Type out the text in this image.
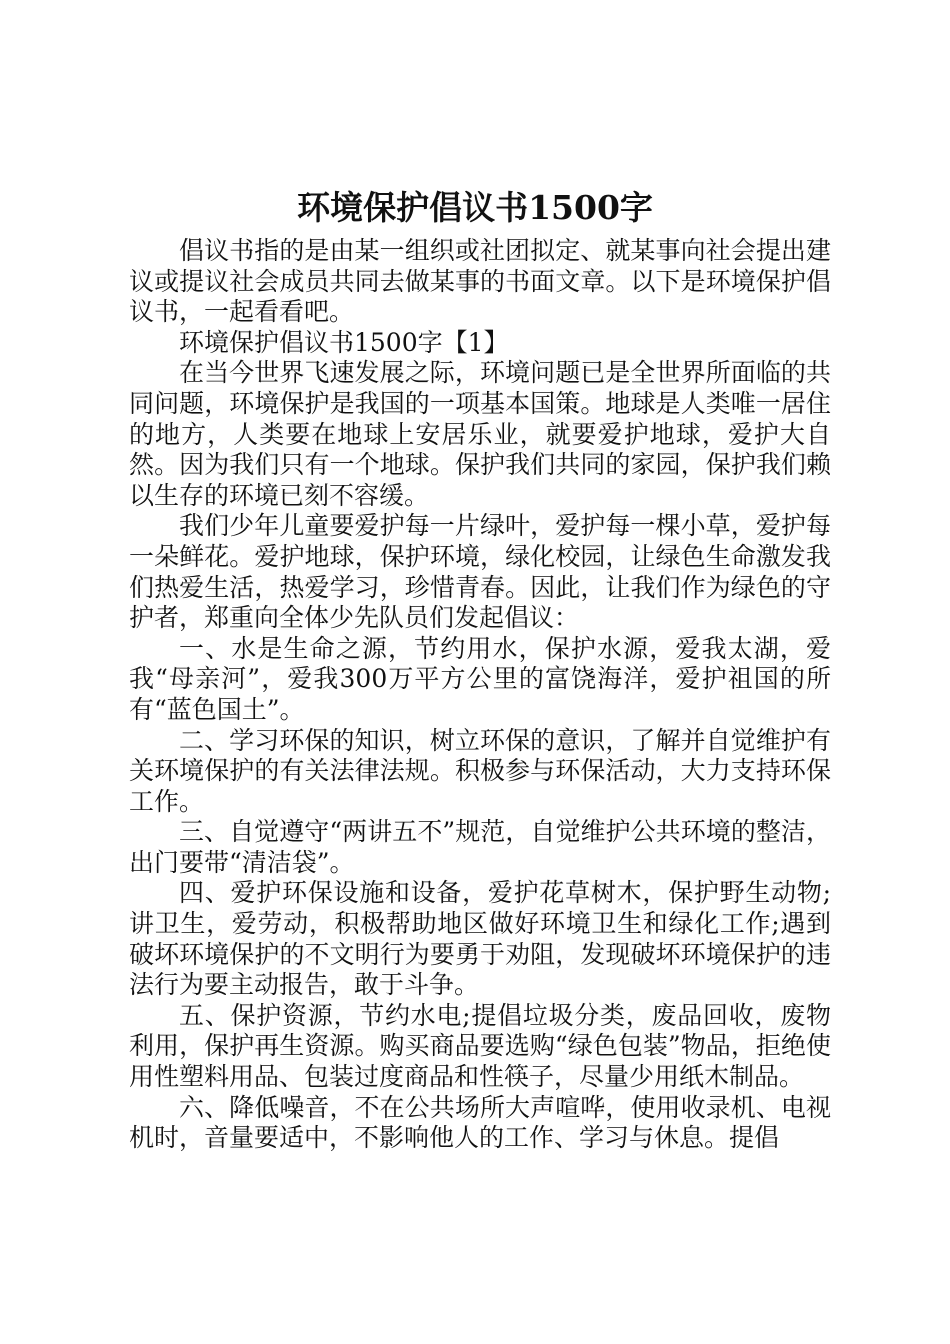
环境保护倡议书1500字

倡议书指的是由某一组织或社团拟定、就某事向社会提出建议或提议社会成员共同去做某事的书面文章。以下是环境保护倡议书，一起看看吧。

环境保护倡议书1500字【1】

在当今世界飞速发展之际，环境问题已是全世界所面临的共同问题，环境保护是我国的一项基本国策。地球是人类唯一居住的地方，人类要在地球上安居乐业，就要爱护地球，爱护大自然。因为我们只有一个地球。保护我们共同的家园，保护我们赖以生存的环境已刻不容缓。

我们少年儿童要爱护每一片绿叶，爱护每一棵小草，爱护每一朵鲜花。爱护地球，保护环境，绿化校园，让绿色生命激发我们热爱生活，热爱学习，珍惜青春。因此，让我们作为绿色的守护者，郑重向全体少先队员们发起倡议：

一、水是生命之源，节约用水，保护水源，爱我太湖，爱我“母亲河”，爱我300万平方公里的富饶海洋，爱护祖国的所有“蓝色国土”。

二、学习环保的知识，树立环保的意识，了解并自觉维护有关环境保护的有关法律法规。积极参与环保活动，大力支持环保工作。

三、自觉遵守“两讲五不”规范，自觉维护公共环境的整洁，出门要带“清洁袋”。

四、爱护环保设施和设备，爱护花草树木，保护野生动物;讲卫生，爱劳动，积极帮助地区做好环境卫生和绿化工作;遇到破坏环境保护的不文明行为要勇于劝阻，发现破坏环境保护的违法行为要主动报告，敢于斗争。

五、保护资源，节约水电;提倡垃圾分类，废品回收，废物利用，保护再生资源。购买商品要选购“绿色包装”物品，拒绝使用性塑料用品、包装过度商品和性筷子，尽量少用纸木制品。

六、降低噪音，不在公共场所大声喧哗，使用收录机、电视机时，音量要适中，不影响他人的工作、学习与休息。提倡
